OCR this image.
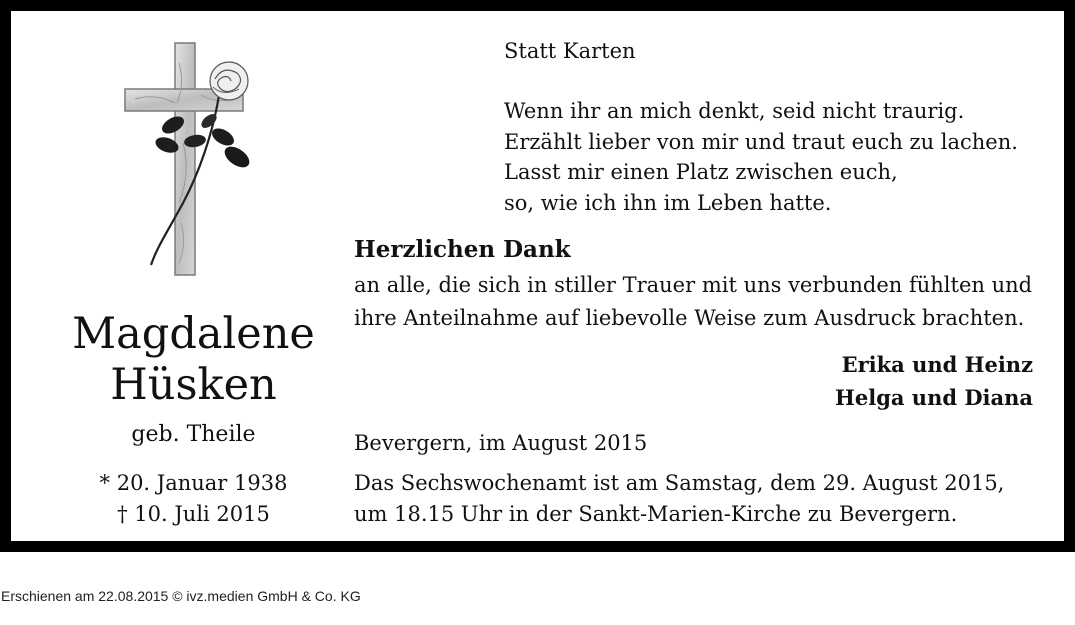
Magdalene
Hüsken
geb. Theile
* 20. Januar 1938
† 10. Juli 2015
Statt Karten
Wenn ihr an mich denkt, seid nicht traurig.
Erzählt lieber von mir und traut euch zu lachen.
Lasst mir einen Platz zwischen euch,
so, wie ich ihn im Leben hatte.
Herzlichen Dank
an alle, die sich in stiller Trauer mit uns verbunden fühlten und
ihre Anteilnahme auf liebevolle Weise zum Ausdruck brachten.
Erika und Heinz
Helga und Diana
Bevergern, im August 2015
Das Sechswochenamt ist am Samstag, dem 29. August 2015,
um 18.15 Uhr in der Sankt-Marien-Kirche zu Bevergern.
Erschienen am 22.08.2015 © ivz.medien GmbH & Co. KG
